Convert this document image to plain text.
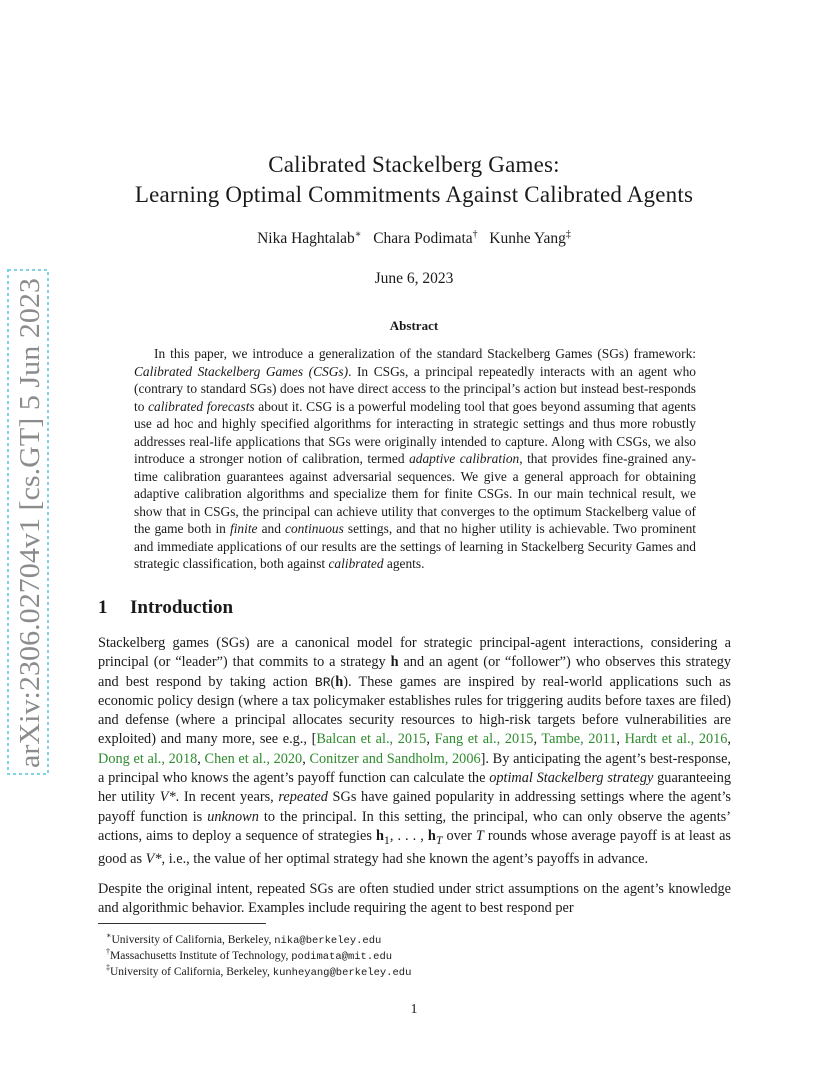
arXiv:2306.02704v1 [cs.GT] 5 Jun 2023
Calibrated Stackelberg Games:
Learning Optimal Commitments Against Calibrated Agents
Nika Haghtalab∗ Chara Podimata† Kunhe Yang‡
June 6, 2023
Abstract
In this paper, we introduce a generalization of the standard Stackelberg Games (SGs) framework: Calibrated Stackelberg Games (CSGs). In CSGs, a principal repeatedly interacts with an agent who (contrary to standard SGs) does not have direct access to the principal’s action but instead best-responds to calibrated forecasts about it. CSG is a powerful modeling tool that goes beyond assuming that agents use ad hoc and highly specified algorithms for interacting in strategic settings and thus more robustly addresses real-life applications that SGs were originally intended to capture. Along with CSGs, we also introduce a stronger notion of calibration, termed adaptive calibration, that provides fine-grained any-time calibration guarantees against adversarial sequences. We give a general approach for obtaining adaptive calibration algorithms and specialize them for finite CSGs. In our main technical result, we show that in CSGs, the principal can achieve utility that converges to the optimum Stackelberg value of the game both in finite and continuous settings, and that no higher utility is achievable. Two prominent and immediate applications of our results are the settings of learning in Stackelberg Security Games and strategic classification, both against calibrated agents.
1 Introduction
Stackelberg games (SGs) are a canonical model for strategic principal-agent interactions, considering a principal (or “leader”) that commits to a strategy h and an agent (or “follower”) who observes this strategy and best respond by taking action BR(h). These games are inspired by real-world applications such as economic policy design (where a tax policymaker establishes rules for triggering audits before taxes are filed) and defense (where a principal allocates security resources to high-risk targets before vulnerabilities are exploited) and many more, see e.g., [Balcan et al., 2015, Fang et al., 2015, Tambe, 2011, Hardt et al., 2016, Dong et al., 2018, Chen et al., 2020, Conitzer and Sandholm, 2006]. By anticipating the agent’s best-response, a principal who knows the agent’s payoff function can calculate the optimal Stackelberg strategy guaranteeing her utility V*. In recent years, repeated SGs have gained popularity in addressing settings where the agent’s payoff function is unknown to the principal. In this setting, the principal, who can only observe the agents’ actions, aims to deploy a sequence of strategies $h_1$, . . . , $h_T$ over T rounds whose average payoff is at least as good as V*, i.e., the value of her optimal strategy had she known the agent’s payoffs in advance.
Despite the original intent, repeated SGs are often studied under strict assumptions on the agent’s knowledge and algorithmic behavior. Examples include requiring the agent to best respond per
∗University of California, Berkeley, nika@berkeley.edu
†Massachusetts Institute of Technology, podimata@mit.edu
‡University of California, Berkeley, kunheyang@berkeley.edu
1
